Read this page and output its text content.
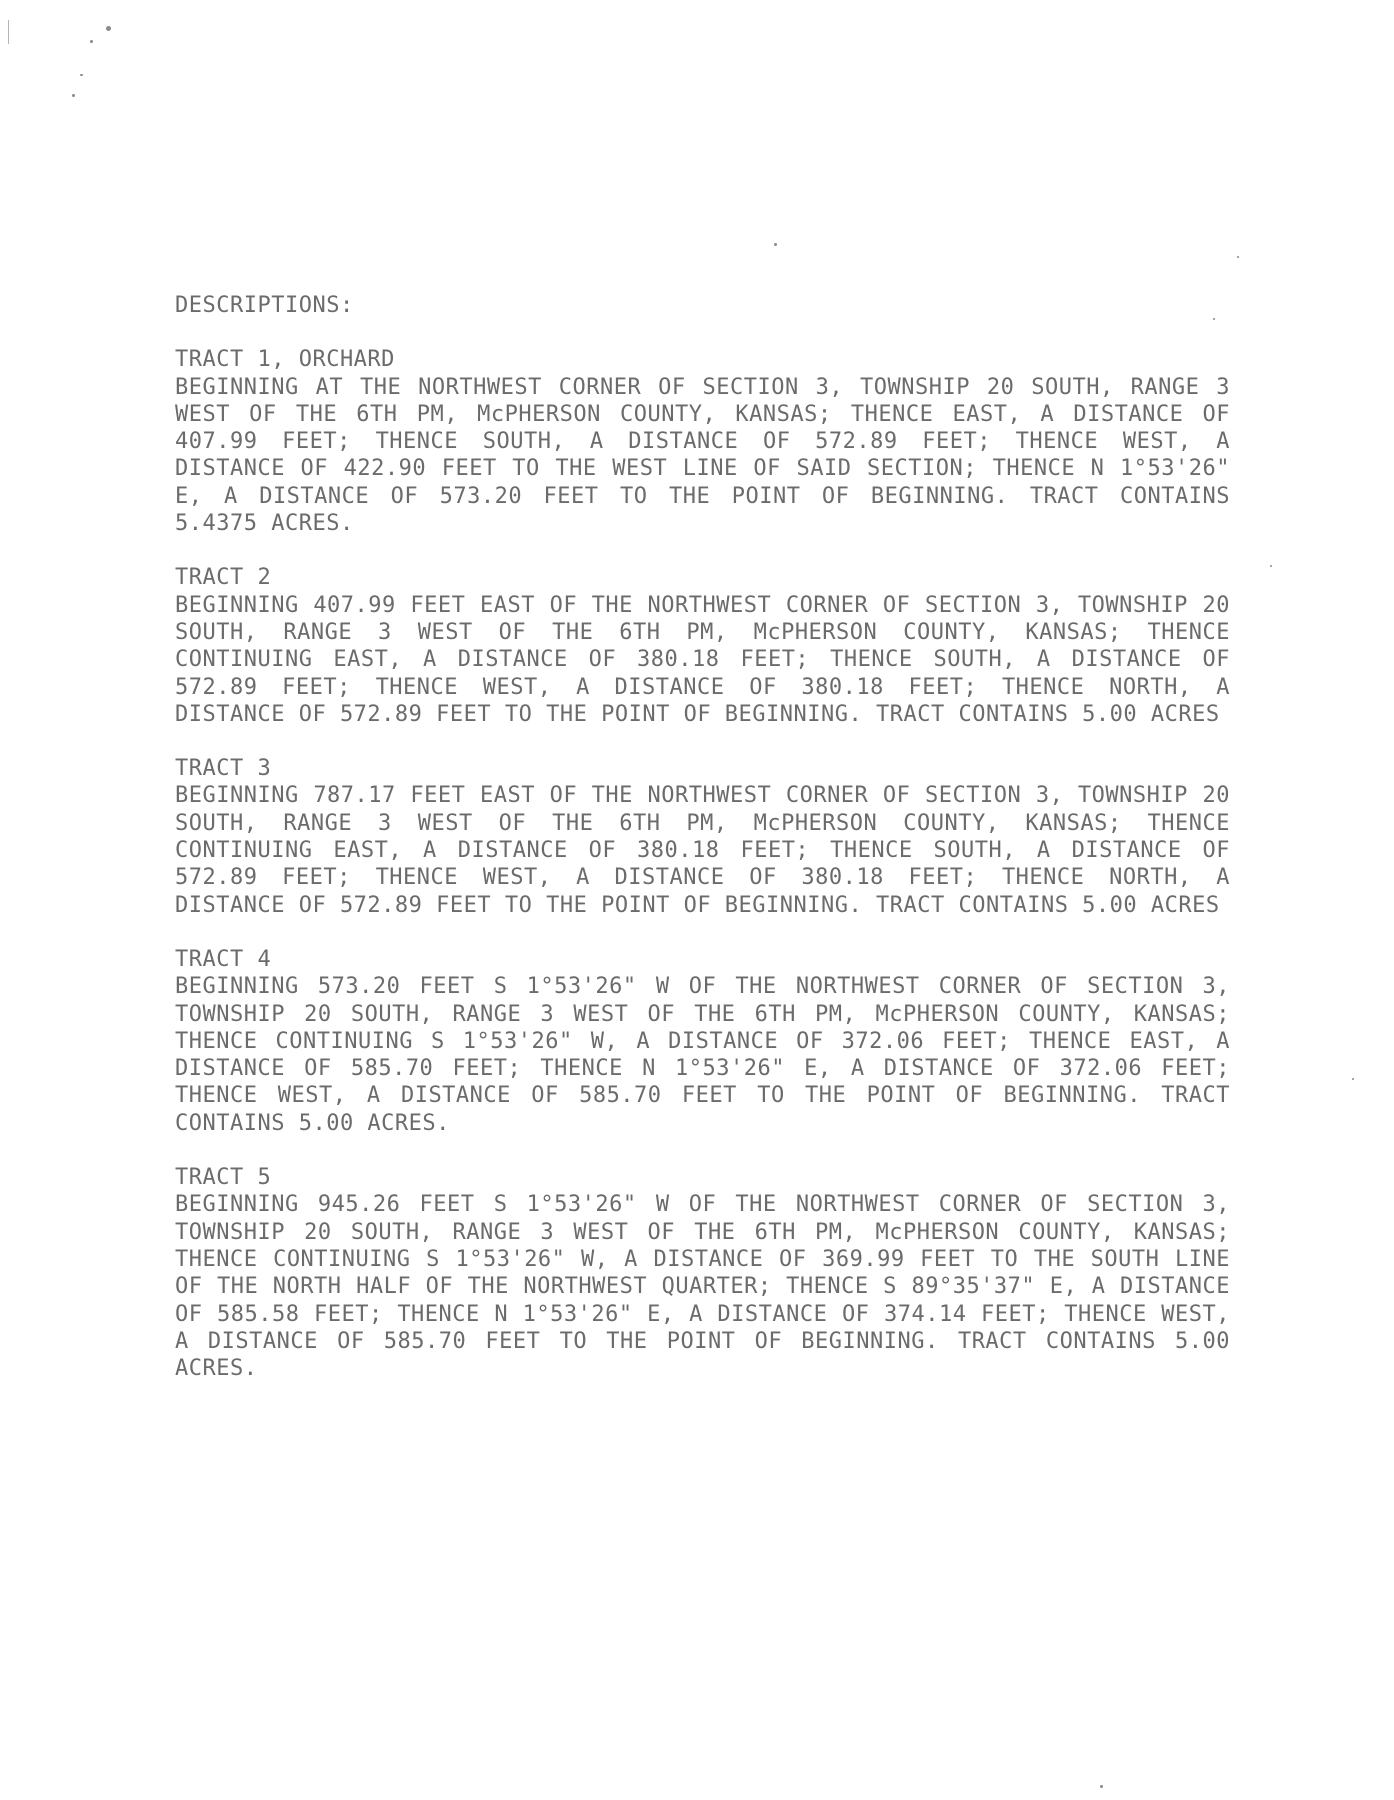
DESCRIPTIONS:
TRACT 1, ORCHARD
BEGINNING AT THE NORTHWEST CORNER OF SECTION 3, TOWNSHIP 20 SOUTH, RANGE 3 WEST OF THE 6TH PM, McPHERSON COUNTY, KANSAS; THENCE EAST, A DISTANCE OF 407.99 FEET; THENCE SOUTH, A DISTANCE OF 572.89 FEET; THENCE WEST, A DISTANCE OF 422.90 FEET TO THE WEST LINE OF SAID SECTION; THENCE N 1°53'26" E, A DISTANCE OF 573.20 FEET TO THE POINT OF BEGINNING. TRACT CONTAINS 5.4375 ACRES.
TRACT 2
BEGINNING 407.99 FEET EAST OF THE NORTHWEST CORNER OF SECTION 3, TOWNSHIP 20 SOUTH, RANGE 3 WEST OF THE 6TH PM, McPHERSON COUNTY, KANSAS; THENCE CONTINUING EAST, A DISTANCE OF 380.18 FEET; THENCE SOUTH, A DISTANCE OF 572.89 FEET; THENCE WEST, A DISTANCE OF 380.18 FEET; THENCE NORTH, A DISTANCE OF 572.89 FEET TO THE POINT OF BEGINNING. TRACT CONTAINS 5.00 ACRES
TRACT 3
BEGINNING 787.17 FEET EAST OF THE NORTHWEST CORNER OF SECTION 3, TOWNSHIP 20 SOUTH, RANGE 3 WEST OF THE 6TH PM, McPHERSON COUNTY, KANSAS; THENCE CONTINUING EAST, A DISTANCE OF 380.18 FEET; THENCE SOUTH, A DISTANCE OF 572.89 FEET; THENCE WEST, A DISTANCE OF 380.18 FEET; THENCE NORTH, A DISTANCE OF 572.89 FEET TO THE POINT OF BEGINNING. TRACT CONTAINS 5.00 ACRES
TRACT 4
BEGINNING 573.20 FEET S 1°53'26" W OF THE NORTHWEST CORNER OF SECTION 3, TOWNSHIP 20 SOUTH, RANGE 3 WEST OF THE 6TH PM, McPHERSON COUNTY, KANSAS; THENCE CONTINUING S 1°53'26" W, A DISTANCE OF 372.06 FEET; THENCE EAST, A DISTANCE OF 585.70 FEET; THENCE N 1°53'26" E, A DISTANCE OF 372.06 FEET; THENCE WEST, A DISTANCE OF 585.70 FEET TO THE POINT OF BEGINNING. TRACT CONTAINS 5.00 ACRES.
TRACT 5
BEGINNING 945.26 FEET S 1°53'26" W OF THE NORTHWEST CORNER OF SECTION 3, TOWNSHIP 20 SOUTH, RANGE 3 WEST OF THE 6TH PM, McPHERSON COUNTY, KANSAS; THENCE CONTINUING S 1°53'26" W, A DISTANCE OF 369.99 FEET TO THE SOUTH LINE OF THE NORTH HALF OF THE NORTHWEST QUARTER; THENCE S 89°35'37" E, A DISTANCE OF 585.58 FEET; THENCE N 1°53'26" E, A DISTANCE OF 374.14 FEET; THENCE WEST, A DISTANCE OF 585.70 FEET TO THE POINT OF BEGINNING. TRACT CONTAINS 5.00 ACRES.
